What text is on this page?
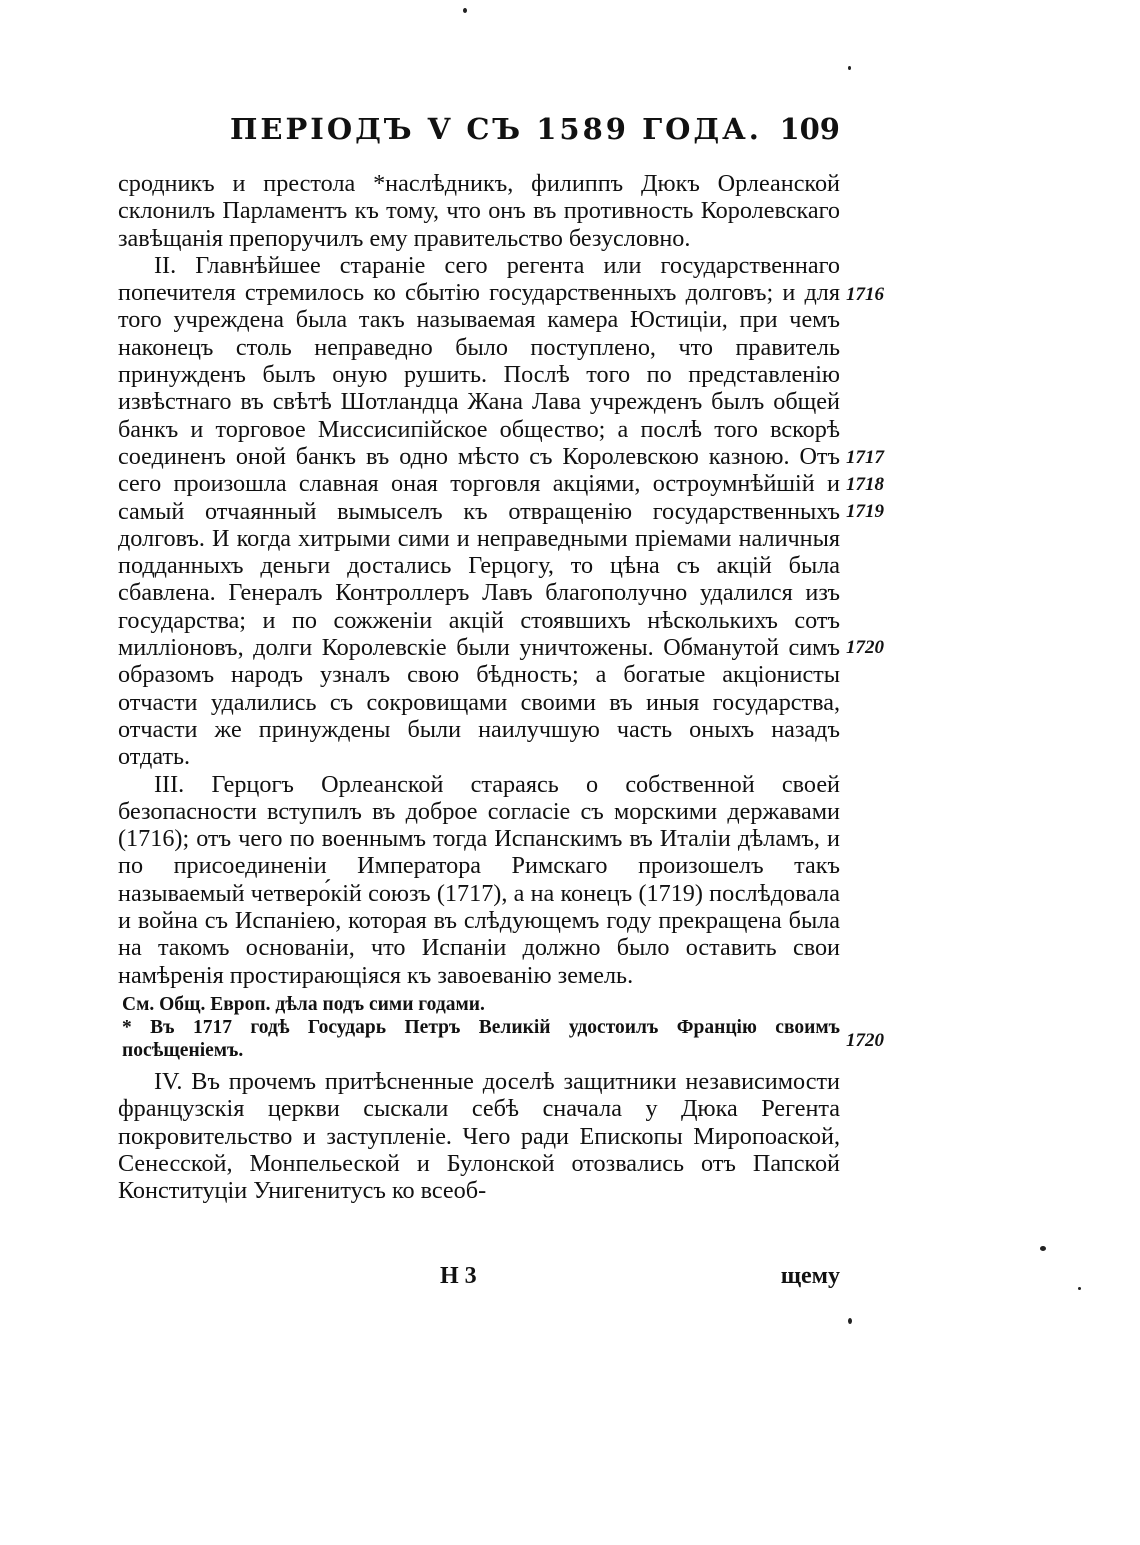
ПЕРІОДЪ V СЪ 1589 ГОДА. 109

сродникъ и престола *наслѣдникъ, филиппъ Дюкъ Орлеанской склонилъ Парламентъ къ тому, что онъ въ противность Королевскаго завѣщанія препоручилъ ему правительство безусловно.

II. Главнѣйшее стараніе сего регента или государственнаго попечителя стремилось ко сбытію государственныхъ долговъ; и для того учреждена была такъ называемая камера Юстиціи, при чемъ наконецъ столь неправедно было поступлено, что правитель принужденъ былъ оную рушить. Послѣ того по представленію извѣстнаго въ свѣтѣ Шотландца Жана Лава учрежденъ былъ общей банкъ и торговое Миссисипійское общество; а послѣ того вскорѣ соединенъ оной банкъ въ одно мѣсто съ Королевскою казною. Отъ сего произошла славная оная торговля акціями, остроумнѣйшій и самый отчаянный вымыселъ къ отвращенію государственныхъ долговъ. И когда хитрыми сими и неправедными пріемами наличныя подданныхъ деньги достались Герцогу, то цѣна съ акцій была сбавлена. Генералъ Контроллеръ Лавъ благополучно удалился изъ государства; и по сожженіи акцій стоявшихъ нѣсколькихъ сотъ милліоновъ, долги Королевскіе были уничтожены. Обманутой симъ образомъ народъ узналъ свою бѣдность; а богатые акціонисты отчасти удалились съ сокровищами своими въ иныя государства, отчасти же принуждены были наилучшую часть оныхъ назадъ отдать.

III. Герцогъ Орлеанской стараясь о собственной своей безопасности вступилъ въ доброе согласіе съ морскими державами (1716); отъ чего по военнымъ тогда Испанскимъ въ Италіи дѣламъ, и по присоединеніи Императора Римскаго произошелъ такъ называемый четверо́кій союзъ (1717), а на конецъ (1719) послѣдовала и война съ Испаніею, которая въ слѣдующемъ году прекращена была на такомъ основаніи, что Испаніи должно было оставить свои намѣренія простирающіяся къ завоеванію земель.

См. Общ. Европ. дѣла подъ сими годами.

* Въ 1717 годѣ Государь Петръ Великій удостоилъ Францію своимъ посѣщеніемъ.

IV. Въ прочемъ притѣсненные доселѣ защитники независимости французскія церкви сыскали себѣ сначала у Дюка Регента покровительство и заступленіе. Чего ради Епископы Миропоаской, Сенесской, Монпельеской и Булонской отозвались отъ Папской Конституціи Унигенитусъ ко всеоб-

Н 3	щему
1716
1717
1718
1719
1720
1720
